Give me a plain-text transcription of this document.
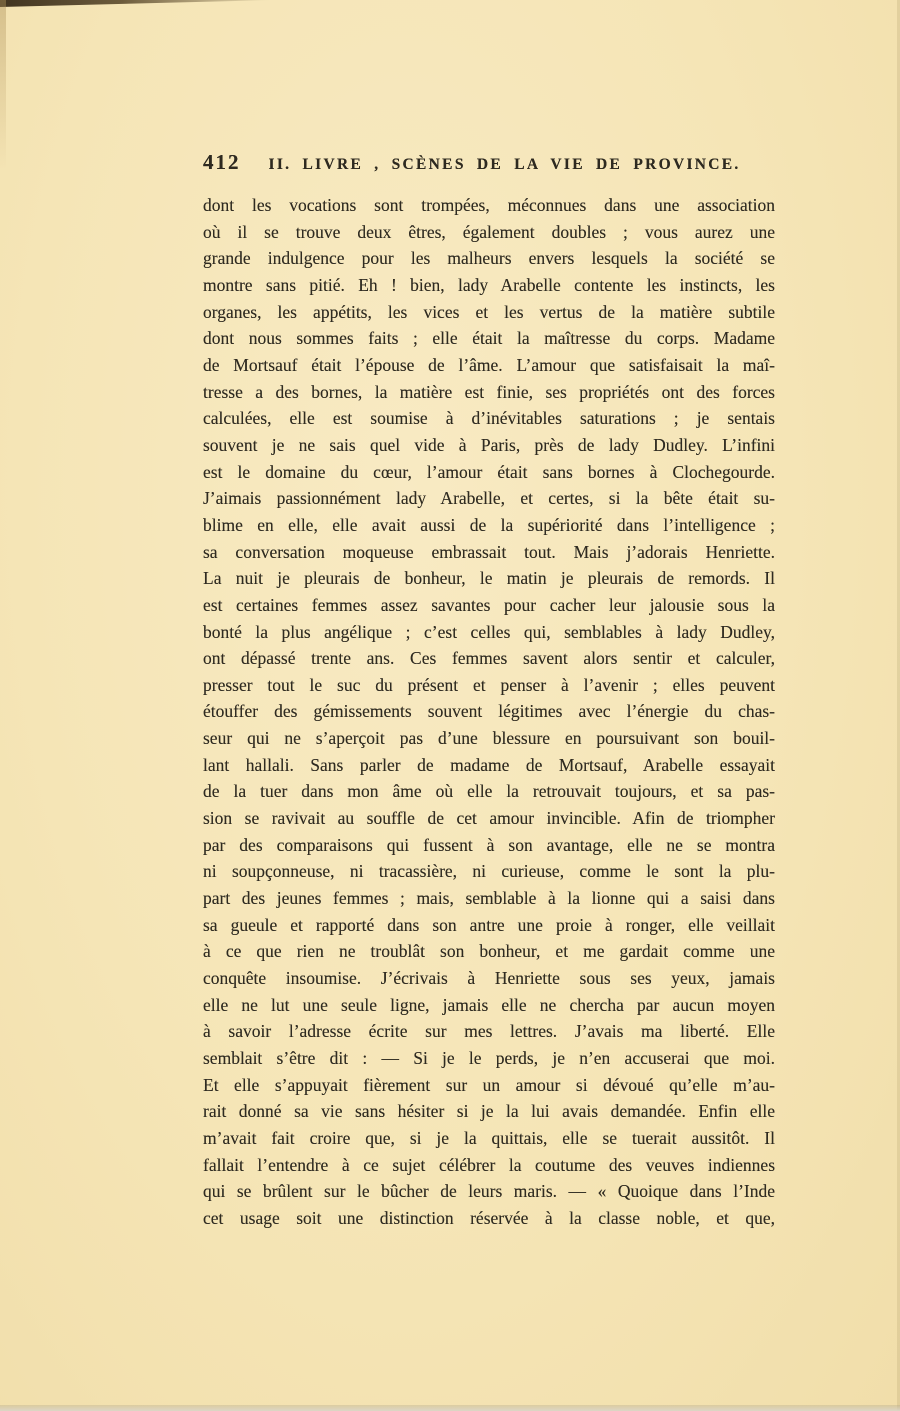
412 II. LIVRE , SCÈNES DE LA VIE DE PROVINCE.
dont les vocations sont trompées, méconnues dans une association
où il se trouve deux êtres, également doubles ; vous aurez une
grande indulgence pour les malheurs envers lesquels la société se
montre sans pitié. Eh ! bien, lady Arabelle contente les instincts, les
organes, les appétits, les vices et les vertus de la matière subtile
dont nous sommes faits ; elle était la maîtresse du corps. Madame
de Mortsauf était l’épouse de l’âme. L’amour que satisfaisait la maî-
tresse a des bornes, la matière est finie, ses propriétés ont des forces
calculées, elle est soumise à d’inévitables saturations ; je sentais
souvent je ne sais quel vide à Paris, près de lady Dudley. L’infini
est le domaine du cœur, l’amour était sans bornes à Clochegourde.
J’aimais passionnément lady Arabelle, et certes, si la bête était su-
blime en elle, elle avait aussi de la supériorité dans l’intelligence ;
sa conversation moqueuse embrassait tout. Mais j’adorais Henriette.
La nuit je pleurais de bonheur, le matin je pleurais de remords. Il
est certaines femmes assez savantes pour cacher leur jalousie sous la
bonté la plus angélique ; c’est celles qui, semblables à lady Dudley,
ont dépassé trente ans. Ces femmes savent alors sentir et calculer,
presser tout le suc du présent et penser à l’avenir ; elles peuvent
étouffer des gémissements souvent légitimes avec l’énergie du chas-
seur qui ne s’aperçoit pas d’une blessure en poursuivant son bouil-
lant hallali. Sans parler de madame de Mortsauf, Arabelle essayait
de la tuer dans mon âme où elle la retrouvait toujours, et sa pas-
sion se ravivait au souffle de cet amour invincible. Afin de triompher
par des comparaisons qui fussent à son avantage, elle ne se montra
ni soupçonneuse, ni tracassière, ni curieuse, comme le sont la plu-
part des jeunes femmes ; mais, semblable à la lionne qui a saisi dans
sa gueule et rapporté dans son antre une proie à ronger, elle veillait
à ce que rien ne troublât son bonheur, et me gardait comme une
conquête insoumise. J’écrivais à Henriette sous ses yeux, jamais
elle ne lut une seule ligne, jamais elle ne chercha par aucun moyen
à savoir l’adresse écrite sur mes lettres. J’avais ma liberté. Elle
semblait s’être dit : — Si je le perds, je n’en accuserai que moi.
Et elle s’appuyait fièrement sur un amour si dévoué qu’elle m’au-
rait donné sa vie sans hésiter si je la lui avais demandée. Enfin elle
m’avait fait croire que, si je la quittais, elle se tuerait aussitôt. Il
fallait l’entendre à ce sujet célébrer la coutume des veuves indiennes
qui se brûlent sur le bûcher de leurs maris. — « Quoique dans l’Inde
cet usage soit une distinction réservée à la classe noble, et que,
